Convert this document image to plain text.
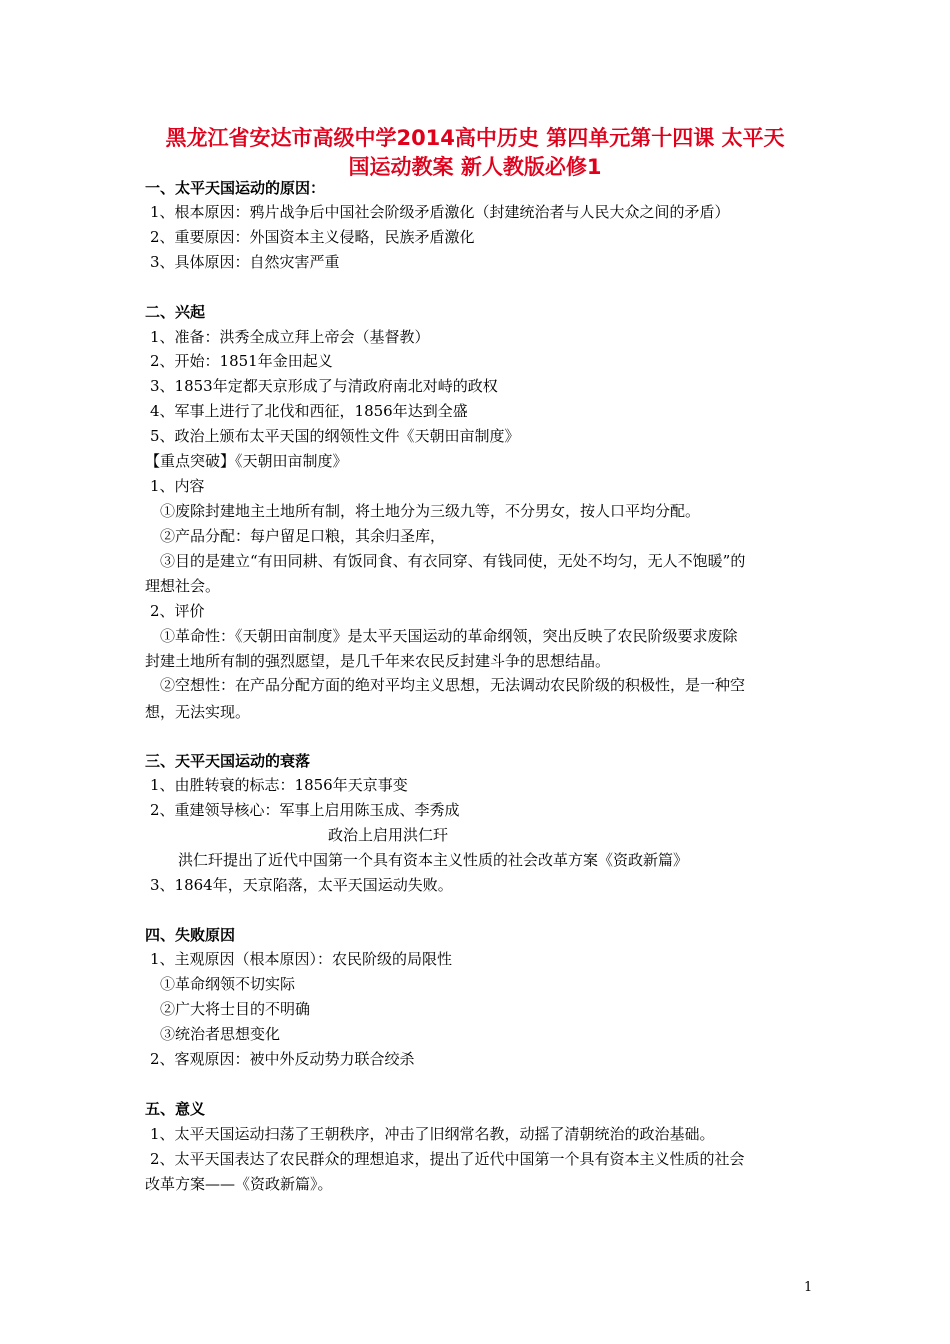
黑龙江省安达市高级中学2014高中历史 第四单元第十四课 太平天
国运动教案 新人教版必修1

一、太平天国运动的原因：

1、根本原因：鸦片战争后中国社会阶级矛盾激化（封建统治者与人民大众之间的矛盾）

2、重要原因：外国资本主义侵略，民族矛盾激化

3、具体原因：自然灾害严重

二、兴起

1、准备：洪秀全成立拜上帝会（基督教）

2、开始：1851年金田起义

3、1853年定都天京形成了与清政府南北对峙的政权

4、军事上进行了北伐和西征，1856年达到全盛

5、政治上颁布太平天国的纲领性文件《天朝田亩制度》

【重点突破】《天朝田亩制度》

1、内容

①废除封建地主土地所有制，将土地分为三级九等，不分男女，按人口平均分配。

②产品分配：每户留足口粮，其余归圣库，

③目的是建立“有田同耕、有饭同食、有衣同穿、有钱同使，无处不均匀，无人不饱暖”的

理想社会。

2、评价

①革命性：《天朝田亩制度》是太平天国运动的革命纲领，突出反映了农民阶级要求废除

封建土地所有制的强烈愿望，是几千年来农民反封建斗争的思想结晶。

②空想性：在产品分配方面的绝对平均主义思想，无法调动农民阶级的积极性，是一种空

想，无法实现。

三、天平天国运动的衰落

1、由胜转衰的标志：1856年天京事变

2、重建领导核心：军事上启用陈玉成、李秀成

政治上启用洪仁玕

洪仁玕提出了近代中国第一个具有资本主义性质的社会改革方案《资政新篇》

3、1864年，天京陷落，太平天国运动失败。

四、失败原因

1、主观原因（根本原因）：农民阶级的局限性

①革命纲领不切实际

②广大将士目的不明确

③统治者思想变化

2、客观原因：被中外反动势力联合绞杀

五、意义

1、太平天国运动扫荡了王朝秩序，冲击了旧纲常名教，动摇了清朝统治的政治基础。

2、太平天国表达了农民群众的理想追求，提出了近代中国第一个具有资本主义性质的社会

改革方案——《资政新篇》。

1
